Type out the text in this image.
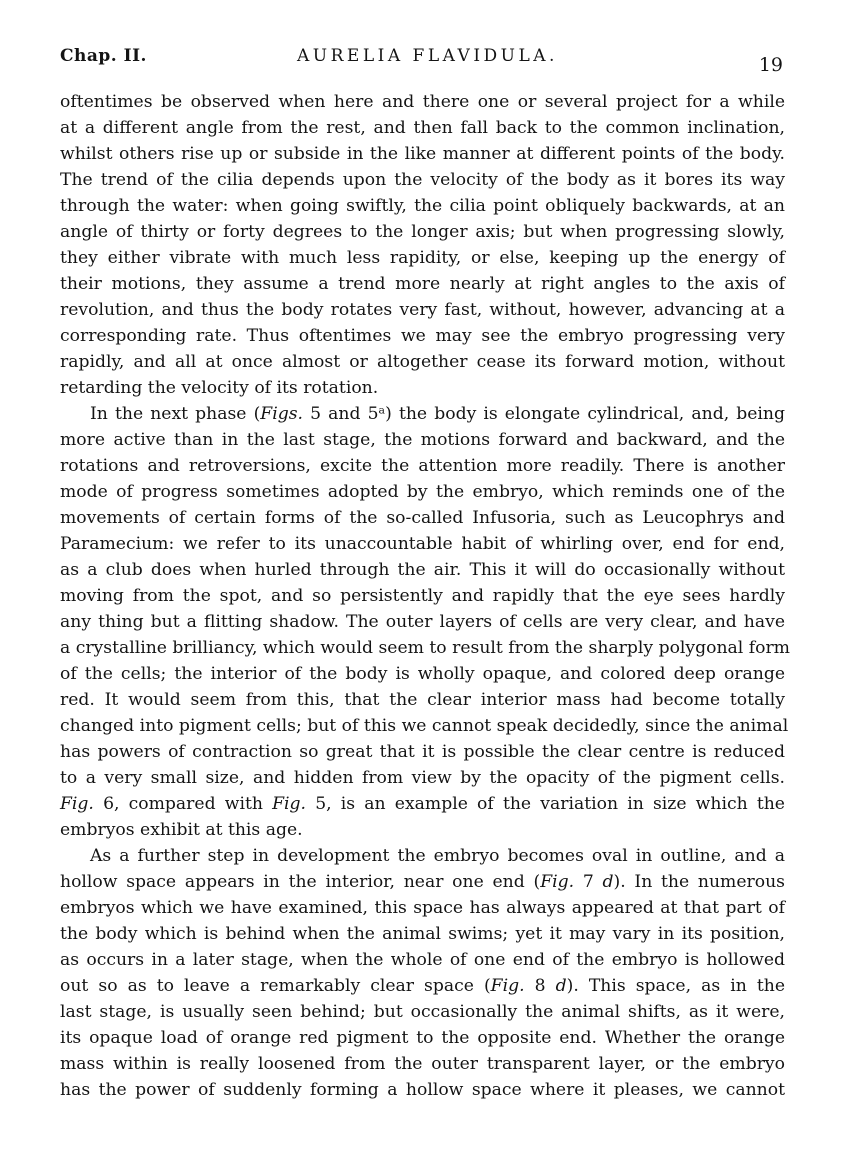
Chap. II.	AURELIA FLAVIDULA.	19
oftentimes be observed when here and there one or several project for a while
at a different angle from the rest, and then fall back to the common inclination,
whilst others rise up or subside in the like manner at different points of the body.
The trend of the cilia depends upon the velocity of the body as it bores its way
through the water: when going swiftly, the cilia point obliquely backwards, at an
angle of thirty or forty degrees to the longer axis; but when progressing slowly,
they either vibrate with much less rapidity, or else, keeping up the energy of
their motions, they assume a trend more nearly at right angles to the axis of
revolution, and thus the body rotates very fast, without, however, advancing at a
corresponding rate. Thus oftentimes we may see the embryo progressing very
rapidly, and all at once almost or altogether cease its forward motion, without
retarding the velocity of its rotation.
In the next phase (Figs. 5 and 5ᵃ) the body is elongate cylindrical, and, being
more active than in the last stage, the motions forward and backward, and the
rotations and retroversions, excite the attention more readily. There is another
mode of progress sometimes adopted by the embryo, which reminds one of the
movements of certain forms of the so-called Infusoria, such as Leucophrys and
Paramecium: we refer to its unaccountable habit of whirling over, end for end,
as a club does when hurled through the air. This it will do occasionally without
moving from the spot, and so persistently and rapidly that the eye sees hardly
any thing but a flitting shadow. The outer layers of cells are very clear, and have
a crystalline brilliancy, which would seem to result from the sharply polygonal form
of the cells; the interior of the body is wholly opaque, and colored deep orange
red. It would seem from this, that the clear interior mass had become totally
changed into pigment cells; but of this we cannot speak decidedly, since the animal
has powers of contraction so great that it is possible the clear centre is reduced
to a very small size, and hidden from view by the opacity of the pigment cells.
Fig. 6, compared with Fig. 5, is an example of the variation in size which the
embryos exhibit at this age.
As a further step in development the embryo becomes oval in outline, and a
hollow space appears in the interior, near one end (Fig. 7 d). In the numerous
embryos which we have examined, this space has always appeared at that part of
the body which is behind when the animal swims; yet it may vary in its position,
as occurs in a later stage, when the whole of one end of the embryo is hollowed
out so as to leave a remarkably clear space (Fig. 8 d). This space, as in the
last stage, is usually seen behind; but occasionally the animal shifts, as it were,
its opaque load of orange red pigment to the opposite end. Whether the orange
mass within is really loosened from the outer transparent layer, or the embryo
has the power of suddenly forming a hollow space where it pleases, we cannot
